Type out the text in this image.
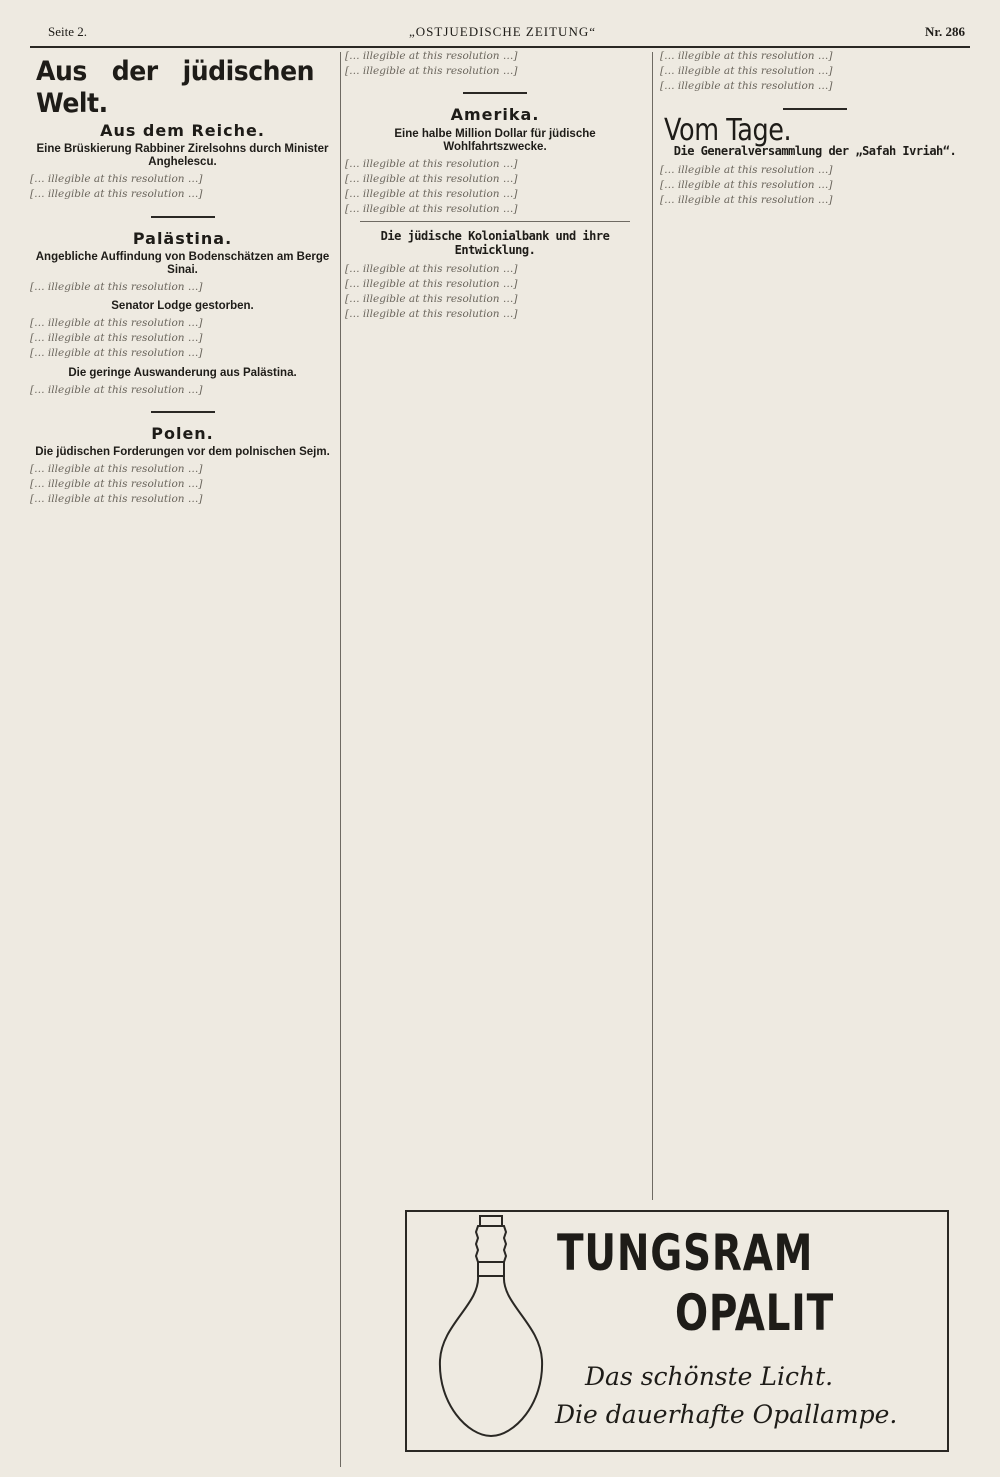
Seite 2.	„OSTJUEDISCHE ZEITUNG“	Nr. 286
Aus der jüdischen Welt.
Aus dem Reiche.
Eine Brüskierung Rabbiner Zirelsohns durch Minister Anghelescu.

[… illegible at this resolution …]

[… illegible at this resolution …]

Palästina.
Angebliche Auffindung von Bodenschätzen am Berge Sinai.

[… illegible at this resolution …]

Senator Lodge gestorben.

[… illegible at this resolution …]

[… illegible at this resolution …]

[… illegible at this resolution …]

Die geringe Auswanderung aus Palästina.

[… illegible at this resolution …]

Polen.
Die jüdischen Forderungen vor dem polnischen Sejm.

[… illegible at this resolution …]

[… illegible at this resolution …]

[… illegible at this resolution …]

[… illegible at this resolution …]

[… illegible at this resolution …]

Amerika.
Eine halbe Million Dollar für jüdische Wohlfahrtszwecke.

[… illegible at this resolution …]

[… illegible at this resolution …]

[… illegible at this resolution …]

[… illegible at this resolution …]

Die jüdische Kolonialbank und ihre Entwicklung.

[… illegible at this resolution …]

[… illegible at this resolution …]

[… illegible at this resolution …]

[… illegible at this resolution …]

[… illegible at this resolution …]

[… illegible at this resolution …]

[… illegible at this resolution …]

Vom Tage.
Die Generalversammlung der „Safah Ivriah“.

[… illegible at this resolution …]

[… illegible at this resolution …]

[… illegible at this resolution …]

TUNGSRAM
OPALIT
Das schönste Licht.
Die dauerhafte Opallampe.
